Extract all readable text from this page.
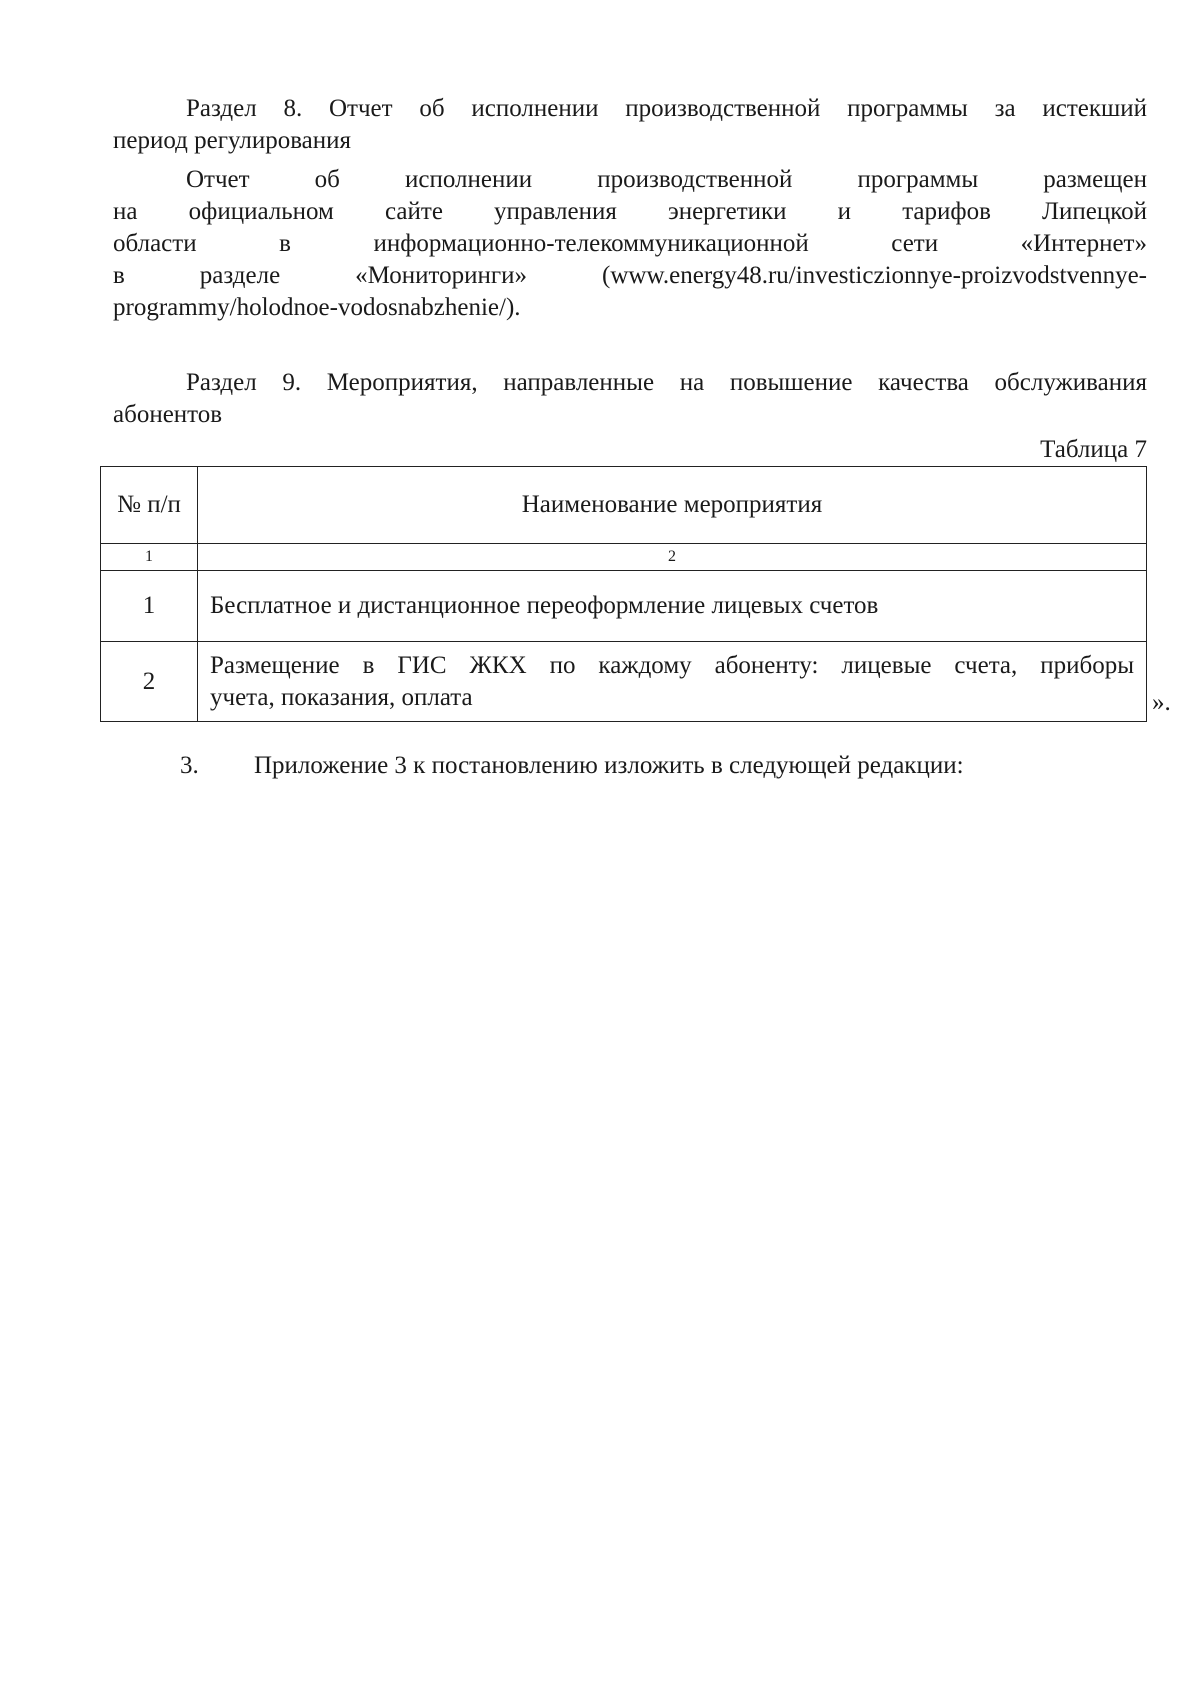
Раздел 8. Отчет об исполнении производственной программы за истекший
период регулирования
Отчет об исполнении производственной программы размещен
на официальном сайте управления энергетики и тарифов Липецкой
области в информационно-телекоммуникационной сети «Интернет»
в разделе «Мониторинги» (www.energy48.ru/investiczionnye-proizvodstvennye-
programmy/holodnoe-vodosnabzhenie/).
Раздел 9. Мероприятия, направленные на повышение качества обслуживания
абонентов
Таблица 7
№ п/п	Наименование мероприятия
1	2
1	Бесплатное и дистанционное переоформление лицевых счетов
2	Размещение в ГИС ЖКХ по каждому абоненту: лицевые счета, приборы
учета, показания, оплата	».
3. Приложение 3 к постановлению изложить в следующей редакции:
